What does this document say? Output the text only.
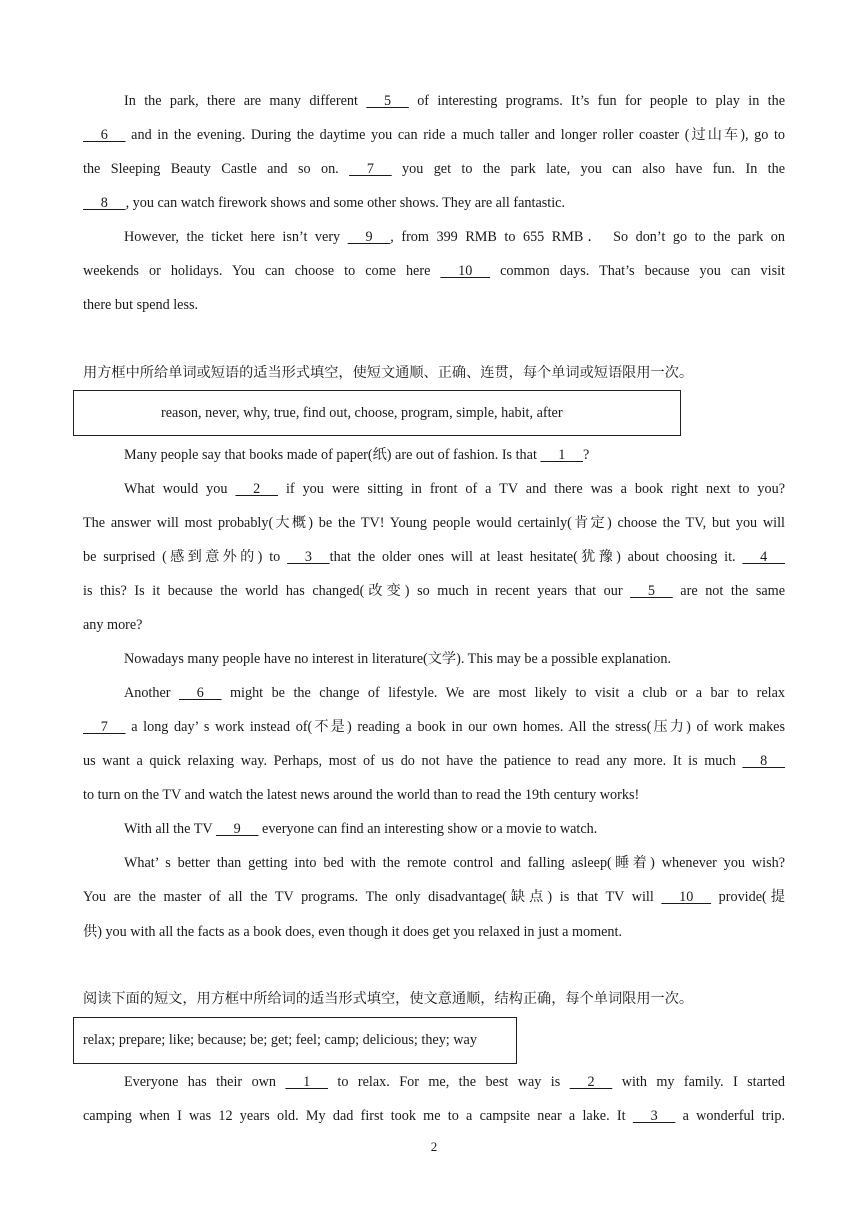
In the park, there are many different      5      of interesting programs. It’s fun for people to play in the
6      and in the evening. During the daytime you can ride a much taller and longer roller coaster (过山车), go to
the Sleeping Beauty Castle and so on.      7      you get to the park late, you can also have fun. In the
8     , you can watch firework shows and some other shows. They are all fantastic.
However, the ticket here isn’t very      9     , from 399 RMB to 655 RMB． So don’t go to the park on
weekends or holidays. You can choose to come here      10      common days. That’s because you can visit
there but spend less.
用方框中所给单词或短语的适当形式填空，使短文通顺、正确、连贯，每个单词或短语限用一次。
reason, never, why, true, find out, choose, program, simple, habit, after
Many people say that books made of paper(纸) are out of fashion. Is that      1     ?
What would you      2      if you were sitting in front of a TV and there was a book right next to you?
The answer will most probably(大概) be the TV! Young people would certainly(肯定) choose the TV, but you will
be surprised (感到意外的) to      3     that the older ones will at least hesitate(犹豫) about choosing it.      4
is this? Is it because the world has changed(改变) so much in recent years that our      5      are not the same
any more?
Nowadays many people have no interest in literature(文学). This may be a possible explanation.
Another      6      might be the change of lifestyle. We are most likely to visit a club or a bar to relax
7      a long day’ s work instead of(不是) reading a book in our own homes. All the stress(压力) of work makes
us want a quick relaxing way. Perhaps, most of us do not have the patience to read any more. It is much      8
to turn on the TV and watch the latest news around the world than to read the 19th century works!
With all the TV      9      everyone can find an interesting show or a movie to watch.
What’ s better than getting into bed with the remote control and falling asleep(睡着) whenever you wish?
You are the master of all the TV programs. The only disadvantage(缺点) is that TV will      10      provide(提
供) you with all the facts as a book does, even though it does get you relaxed in just a moment.
阅读下面的短文，用方框中所给词的适当形式填空，使文意通顺，结构正确，每个单词限用一次。
relax; prepare; like; because; be; get; feel; camp; delicious; they; way
Everyone has their own      1      to relax. For me, the best way is      2      with my family. I started
camping when I was 12 years old. My dad first took me to a campsite near a lake. It      3      a wonderful trip.
2
